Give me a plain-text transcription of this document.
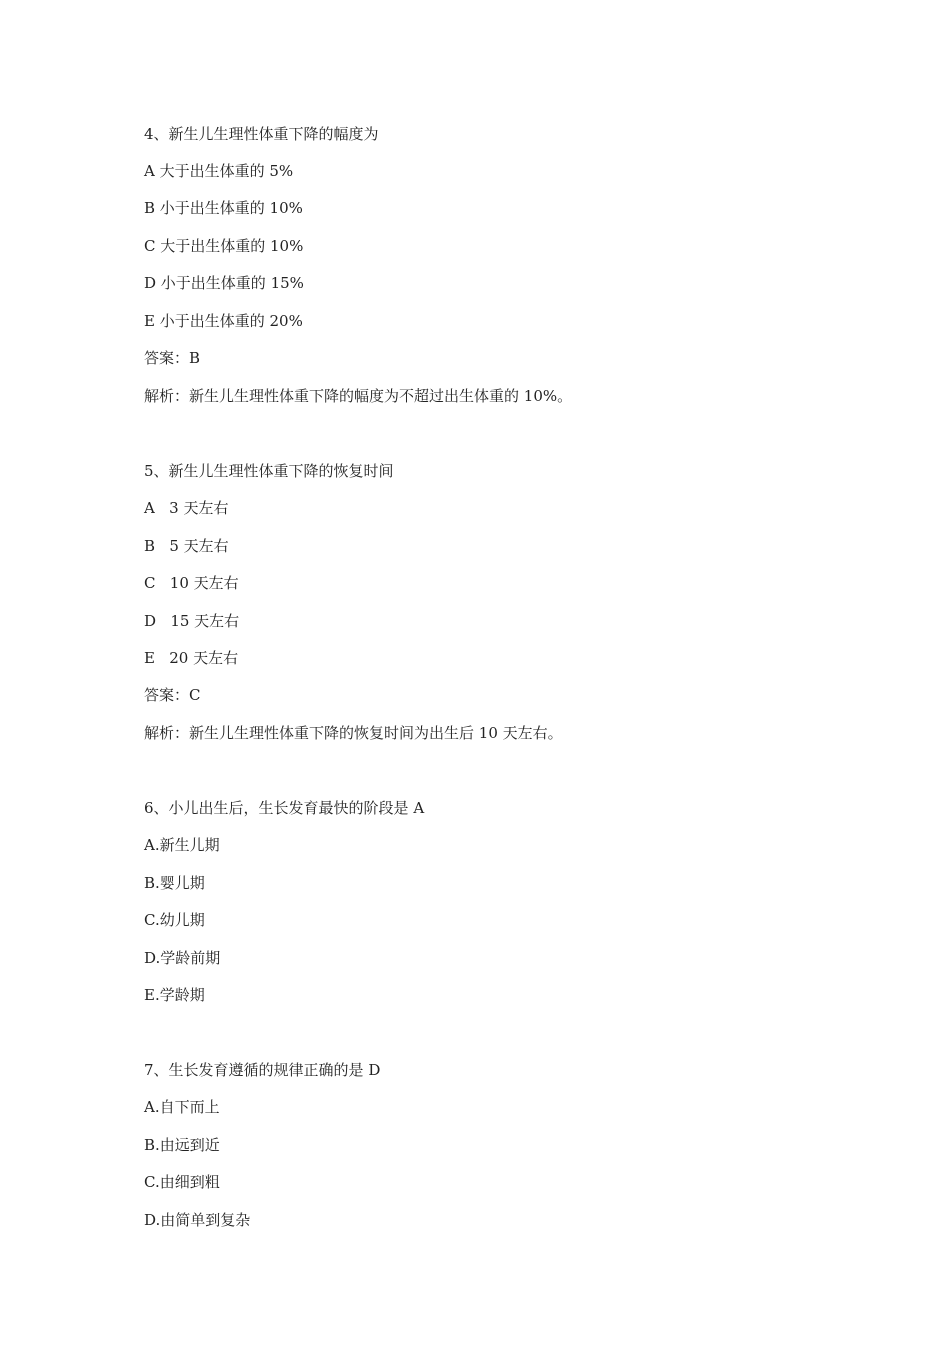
4、新生儿生理性体重下降的幅度为

A 大于出生体重的 5%

B 小于出生体重的 10%

C 大于出生体重的 10%

D 小于出生体重的 15%

E 小于出生体重的 20%

答案：B

解析：新生儿生理性体重下降的幅度为不超过出生体重的 10%。

5、新生儿生理性体重下降的恢复时间

A   3 天左右

B   5 天左右

C   10 天左右

D   15 天左右

E   20 天左右

答案：C

解析：新生儿生理性体重下降的恢复时间为出生后 10 天左右。

6、小儿出生后，生长发育最快的阶段是 A

A.新生儿期

B.婴儿期

C.幼儿期

D.学龄前期

E.学龄期

7、生长发育遵循的规律正确的是 D

A.自下而上

B.由远到近

C.由细到粗

D.由简单到复杂
